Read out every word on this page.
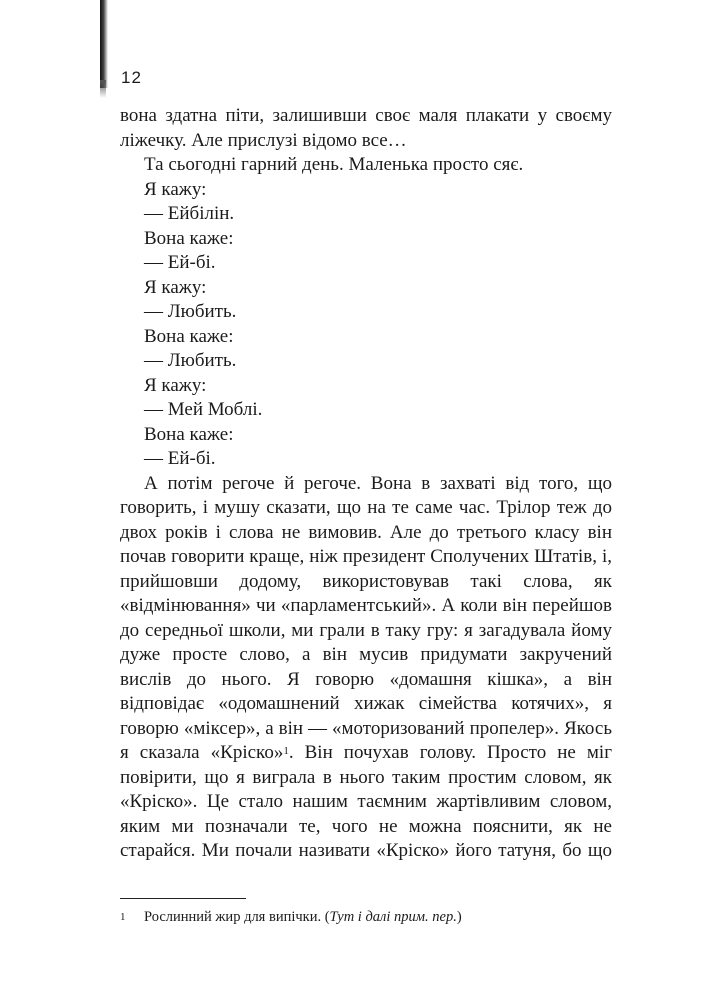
12

вона здатна піти, залишивши своє маля плакати у своєму ліжечку. Але прислузі відомо все…

Та сьогодні гарний день. Маленька просто сяє.

Я кажу:

— Ейбілін.

Вона каже:

— Ей-бі.

Я кажу:

— Любить.

Вона каже:

— Любить.

Я кажу:

— Мей Моблі.

Вона каже:

— Ей-бі.

А потім регоче й регоче. Вона в захваті від того, що говорить, і мушу сказати, що на те саме час. Трілор теж до двох років і слова не вимовив. Але до третього класу він почав говорити краще, ніж президент Сполучених Штатів, і, прийшовши додому, використовував такі слова, як «відмінювання» чи «парламентський». А коли він перейшов до середньої школи, ми грали в таку гру: я загадувала йому дуже просте слово, а він мусив придумати закручений вислів до нього. Я говорю «домашня кішка», а він відповідає «одомашнений хижак сімейства котячих», я говорю «міксер», а він — «моторизований пропелер». Якось я сказала «Кріско»$^1$. Він почухав голову. Просто не міг повірити, що я виграла в нього таким простим словом, як «Кріско». Це стало нашим таємним жартівливим словом, яким ми позначали те, чого не можна пояснити, як не старайся. Ми почали називати «Кріско» його татуня, бо що

1 Рослинний жир для випічки. (Тут і далі прим. пер.)
